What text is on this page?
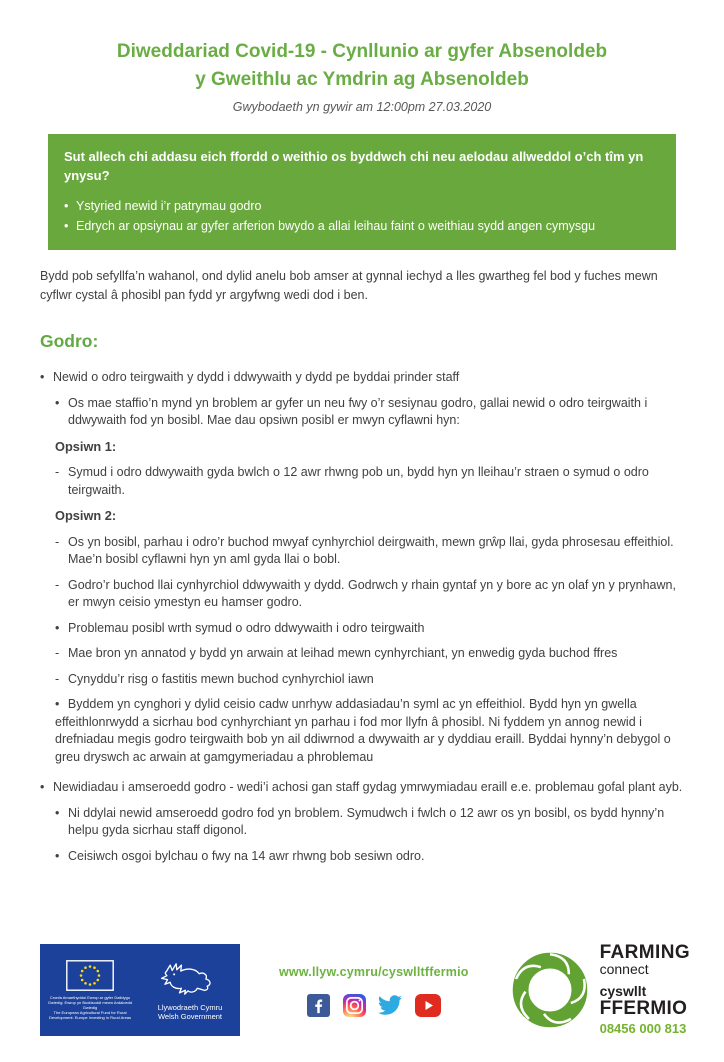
Diweddariad Covid-19 - Cynllunio ar gyfer Absenoldeb
y Gweithlu ac Ymdrin ag Absenoldeb
Gwybodaeth yn gywir am 12:00pm 27.03.2020
Sut allech chi addasu eich ffordd o weithio os byddwch chi neu aelodau allweddol o’ch tîm yn ynysu?
• Ystyried newid i’r patrymau godro
• Edrych ar opsiynau ar gyfer arferion bwydo a allai leihau faint o weithiau sydd angen cymysgu
Bydd pob sefyllfa’n wahanol, ond dylid anelu bob amser at gynnal iechyd a lles gwartheg fel bod y fuches mewn cyflwr cystal â phosibl pan fydd yr argyfwng wedi dod i ben.
Godro:
• Newid o odro teirgwaith y dydd i ddwywaith y dydd pe byddai prinder staff
• Os mae staffio’n mynd yn broblem ar gyfer un neu fwy o’r sesiynau godro, gallai newid o odro teirgwaith i ddwywaith fod yn bosibl. Mae dau opsiwn posibl er mwyn cyflawni hyn:
Opsiwn 1:
- Symud i odro ddwywaith gyda bwlch o 12 awr rhwng pob un, bydd hyn yn lleihau’r straen o symud o odro teirgwaith.
Opsiwn 2:
- Os yn bosibl, parhau i odro’r buchod mwyaf cynhyrchiol deirgwaith, mewn grŵp llai, gyda phrosesau effeithiol. Mae’n bosibl cyflawni hyn yn aml gyda llai o bobl.
- Godro’r buchod llai cynhyrchiol ddwywaith y dydd. Godrwch y rhain gyntaf yn y bore ac yn olaf yn y prynhawn, er mwyn ceisio ymestyn eu hamser godro.
• Problemau posibl wrth symud o odro ddwywaith i odro teirgwaith
- Mae bron yn annatod y bydd yn arwain at leihad mewn cynhyrchiant, yn enwedig gyda buchod ffres
- Cynyddu’r risg o fastitis mewn buchod cynhyrchiol iawn
• Byddem yn cynghori y dylid ceisio cadw unrhyw addasiadau’n syml ac yn effeithiol. Bydd hyn yn gwella effeithlonrwydd a sicrhau bod cynhyrchiant yn parhau i fod mor llyfn â phosibl. Ni fyddem yn annog newid i drefniadau megis godro teirgwaith bob yn ail ddiwrnod a dwywaith ar y dyddiau eraill. Byddai hynny’n debygol o greu dryswch ac arwain at gamgymeriadau a phroblemau
• Newidiadau i amseroedd godro - wedi’i achosi gan staff gydag ymrwymiadau eraill e.e. problemau gofal plant ayb.
• Ni ddylai newid amseroedd godro fod yn broblem. Symudwch i fwlch o 12 awr os yn bosibl, os bydd hynny’n helpu gyda sicrhau staff digonol.
• Ceisiwch osgoi bylchau o fwy na 14 awr rhwng bob sesiwn odro.
Cronfa Amaethyddol Ewrop ar gyfer Datblygu Gwledig: Ewrop yn Buddsoddi mewn Ardaloedd Gwledig
The European Agricultural Fund for Rural Development: Europe Investing in Rural Areas
Llywodraeth Cymru
Welsh Government
www.llyw.cymru/cyswlltffermio
FARMING
connect
cyswllt
FFERMIO
08456 000 813
